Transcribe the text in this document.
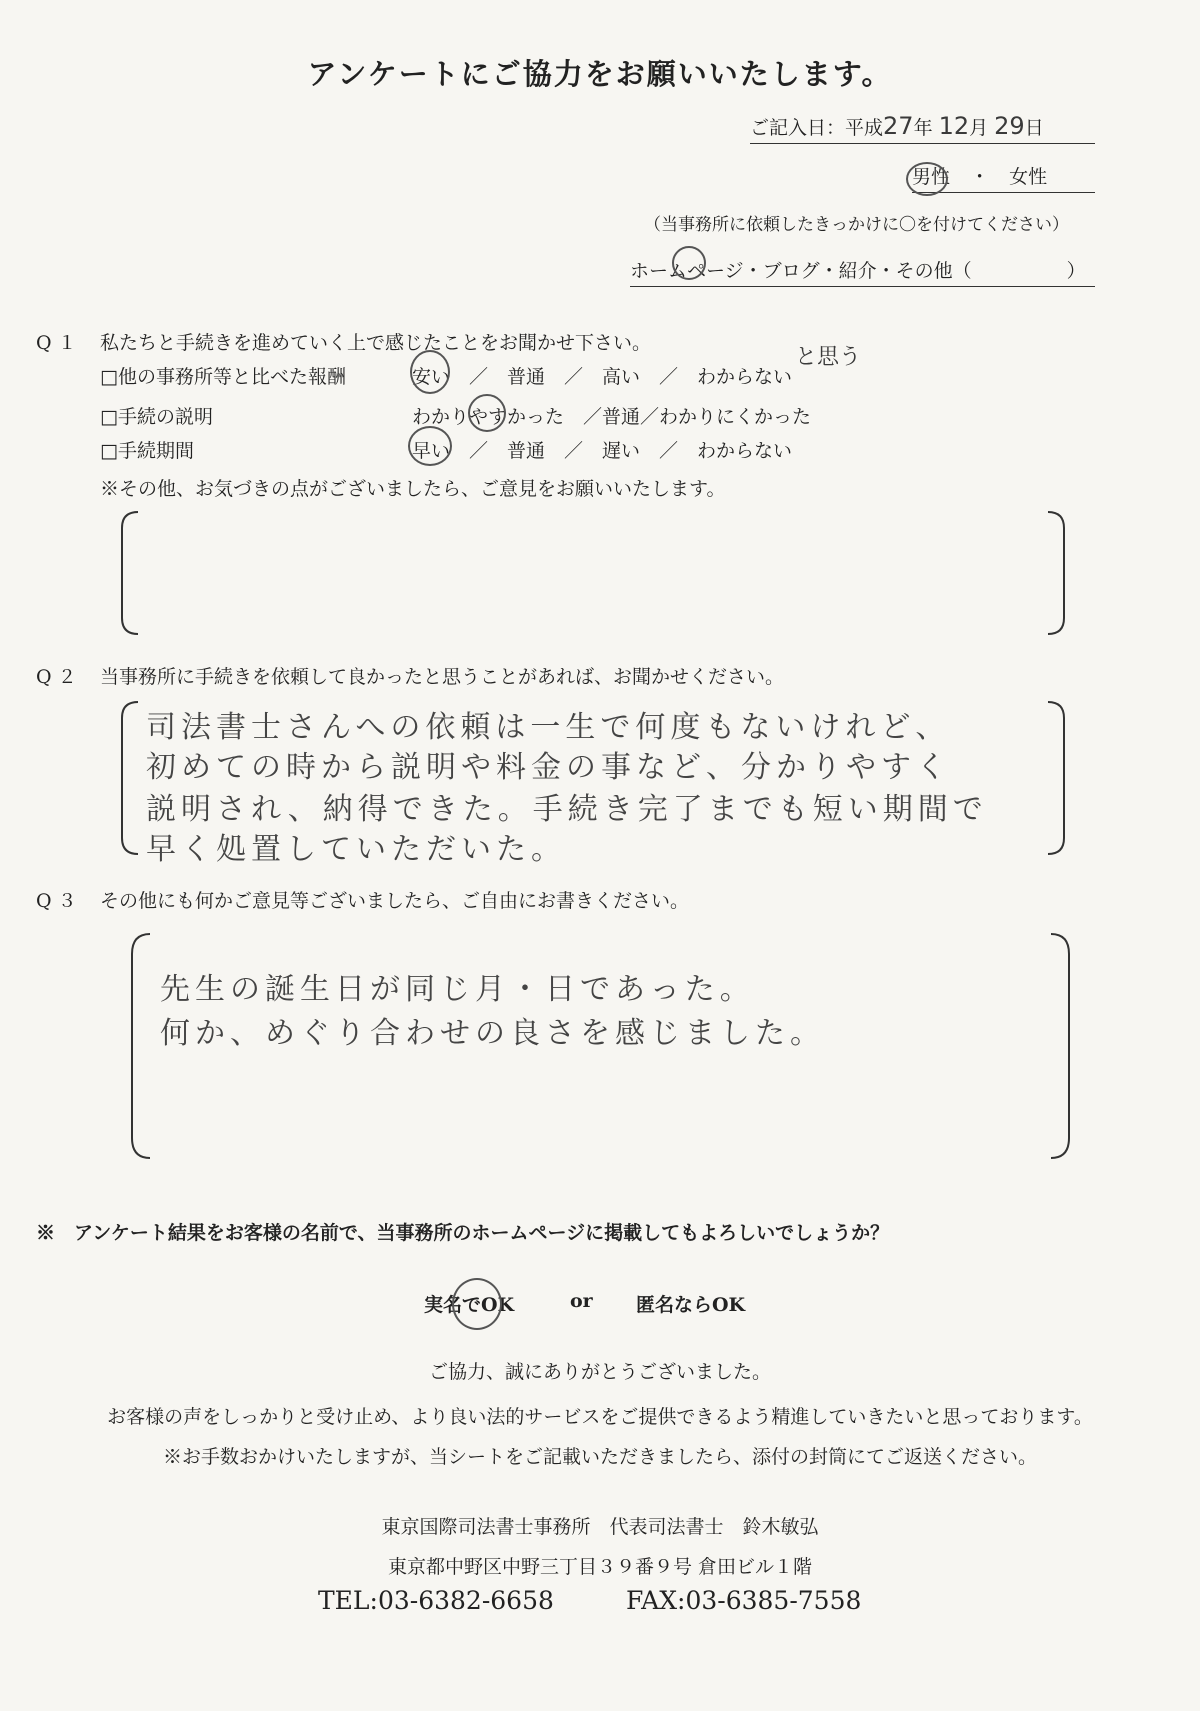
アンケートにご協力をお願いいたします。
ご記入日：平成27年 12月 29日
男性 ・ 女性
（当事務所に依頼したきっかけに〇を付けてください）
ホームページ・ブログ・紹介・その他（　　　　　）
Q１ 私たちと手続きを進めていく上で感じたことをお聞かせ下さい。
□他の事務所等と比べた報酬	安い　／　普通　／　高い　／　わからない
と思う
□手続の説明	わかりやすかった　／普通／わかりにくかった
□手続期間	早い　／　普通　／　遅い　／　わからない
※その他、お気づきの点がございましたら、ご意見をお願いいたします。
Q２ 当事務所に手続きを依頼して良かったと思うことがあれば、お聞かせください。
司法書士さんへの依頼は一生で何度もないけれど、
初めての時から説明や料金の事など、分かりやすく
説明され、納得できた。手続き完了までも短い期間で
早く処置していただいた。
Q３ その他にも何かご意見等ございましたら、ご自由にお書きください。
先生の誕生日が同じ月・日であった。
何か、めぐり合わせの良さを感じました。
※　アンケート結果をお客様の名前で、当事務所のホームページに掲載してもよろしいでしょうか？
実名でOK	or 匿名ならOK
ご協力、誠にありがとうございました。
お客様の声をしっかりと受け止め、より良い法的サービスをご提供できるよう精進していきたいと思っております。
※お手数おかけいたしますが、当シートをご記載いただきましたら、添付の封筒にてご返送ください。
東京国際司法書士事務所　代表司法書士　鈴木敏弘
東京都中野区中野三丁目３９番９号 倉田ビル１階
TEL:03-6382-6658	FAX:03-6385-7558
